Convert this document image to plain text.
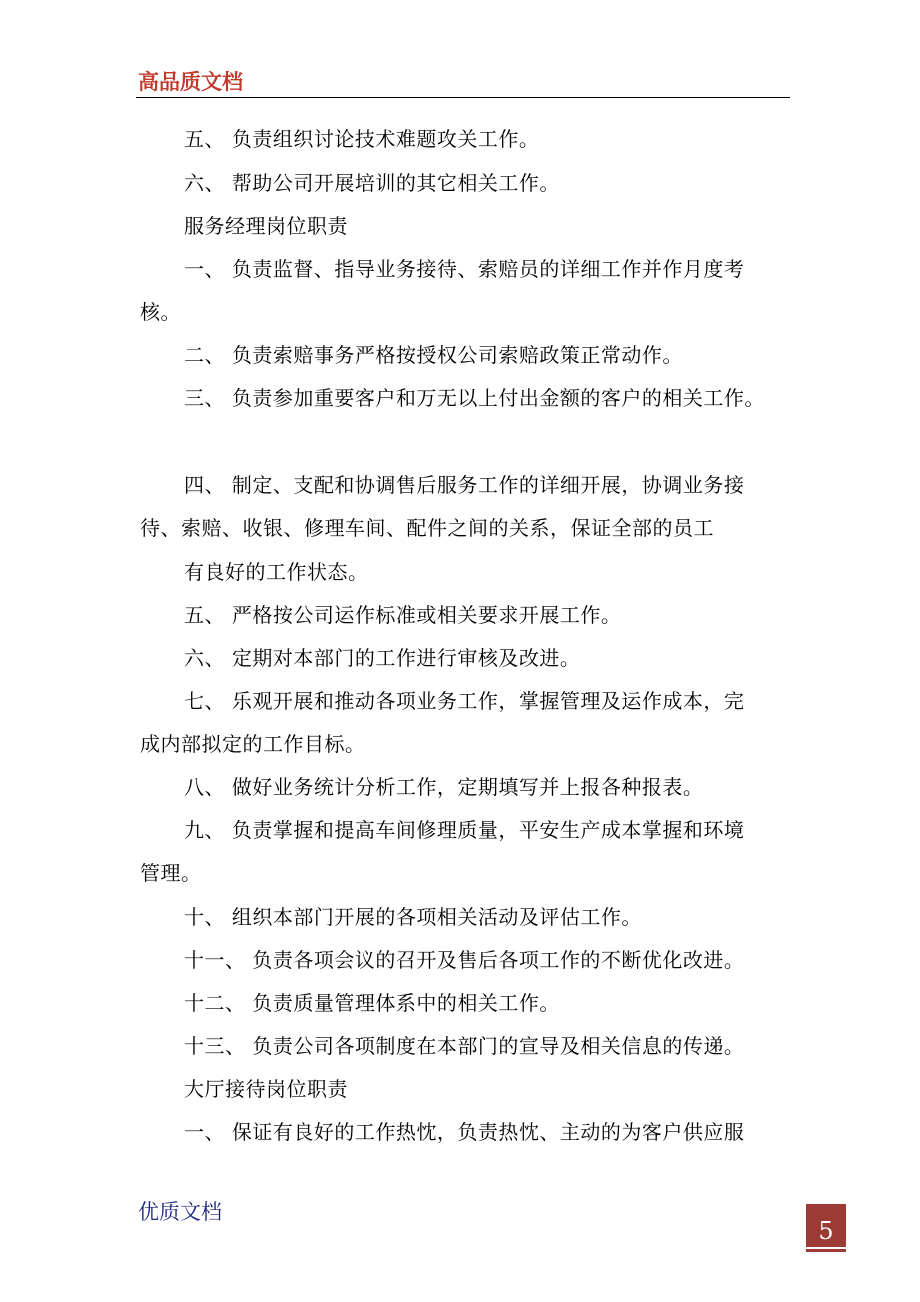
高品质文档
五、 负责组织讨论技术难题攻关工作。
六、 帮助公司开展培训的其它相关工作。
服务经理岗位职责
一、 负责监督、指导业务接待、索赔员的详细工作并作月度考
核。
二、 负责索赔事务严格按授权公司索赔政策正常动作。
三、 负责参加重要客户和万无以上付出金额的客户的相关工作。
四、 制定、支配和协调售后服务工作的详细开展，协调业务接
待、索赔、收银、修理车间、配件之间的关系，保证全部的员工
有良好的工作状态。
五、 严格按公司运作标准或相关要求开展工作。
六、 定期对本部门的工作进行审核及改进。
七、 乐观开展和推动各项业务工作，掌握管理及运作成本，完
成内部拟定的工作目标。
八、 做好业务统计分析工作，定期填写并上报各种报表。
九、 负责掌握和提高车间修理质量，平安生产成本掌握和环境
管理。
十、 组织本部门开展的各项相关活动及评估工作。
十一、 负责各项会议的召开及售后各项工作的不断优化改进。
十二、 负责质量管理体系中的相关工作。
十三、 负责公司各项制度在本部门的宣导及相关信息的传递。
大厅接待岗位职责
一、 保证有良好的工作热忱，负责热忱、主动的为客户供应服
优质文档
5
